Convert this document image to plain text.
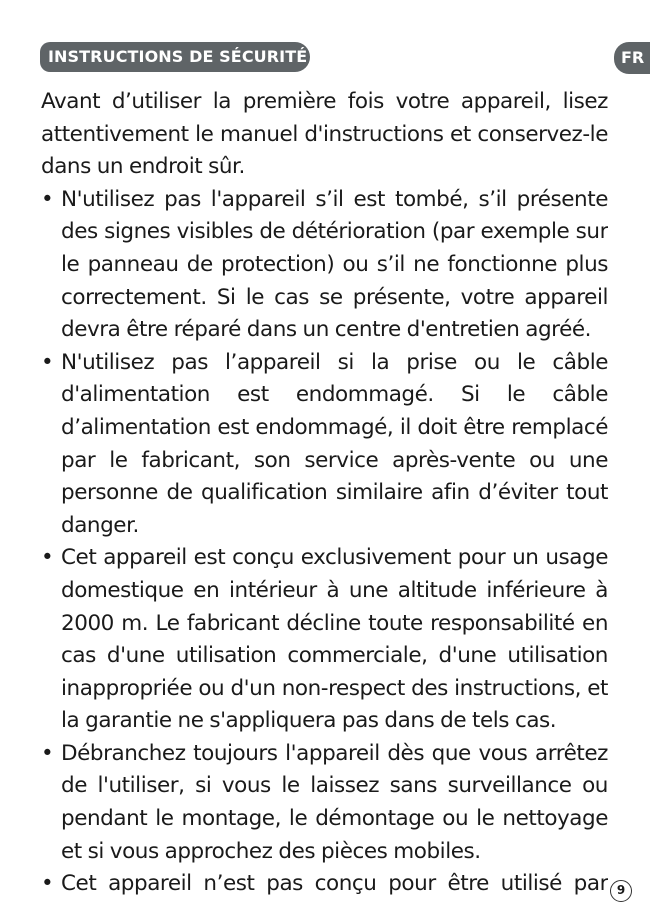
INSTRUCTIONS DE SÉCURITÉ	FR

Avant d’utiliser la première fois votre appareil, lisez attentivement le manuel d'instructions et conservez-le dans un endroit sûr.

• N'utilisez pas l'appareil s’il est tombé, s’il présente des signes visibles de détérioration (par exemple sur le panneau de protection) ou s’il ne fonctionne plus correctement. Si le cas se présente, votre appareil devra être réparé dans un centre d'entretien agréé.
• N'utilisez pas l’appareil si la prise ou le câble d'alimentation est endommagé. Si le câble d’alimentation est endommagé, il doit être remplacé par le fabricant, son service après-vente ou une personne de qualification similaire afin d’éviter tout danger.
• Cet appareil est conçu exclusivement pour un usage domestique en intérieur à une altitude inférieure à 2000 m. Le fabricant décline toute responsabilité en cas d'une utilisation commerciale, d'une utilisation inappropriée ou d'un non-respect des instructions, et la garantie ne s'appliquera pas dans de tels cas.
• Débranchez toujours l'appareil dès que vous arrêtez de l'utiliser, si vous le laissez sans surveillance ou pendant le montage, le démontage ou le nettoyage et si vous approchez des pièces mobiles.
• Cet appareil n’est pas conçu pour être utilisé par 9
